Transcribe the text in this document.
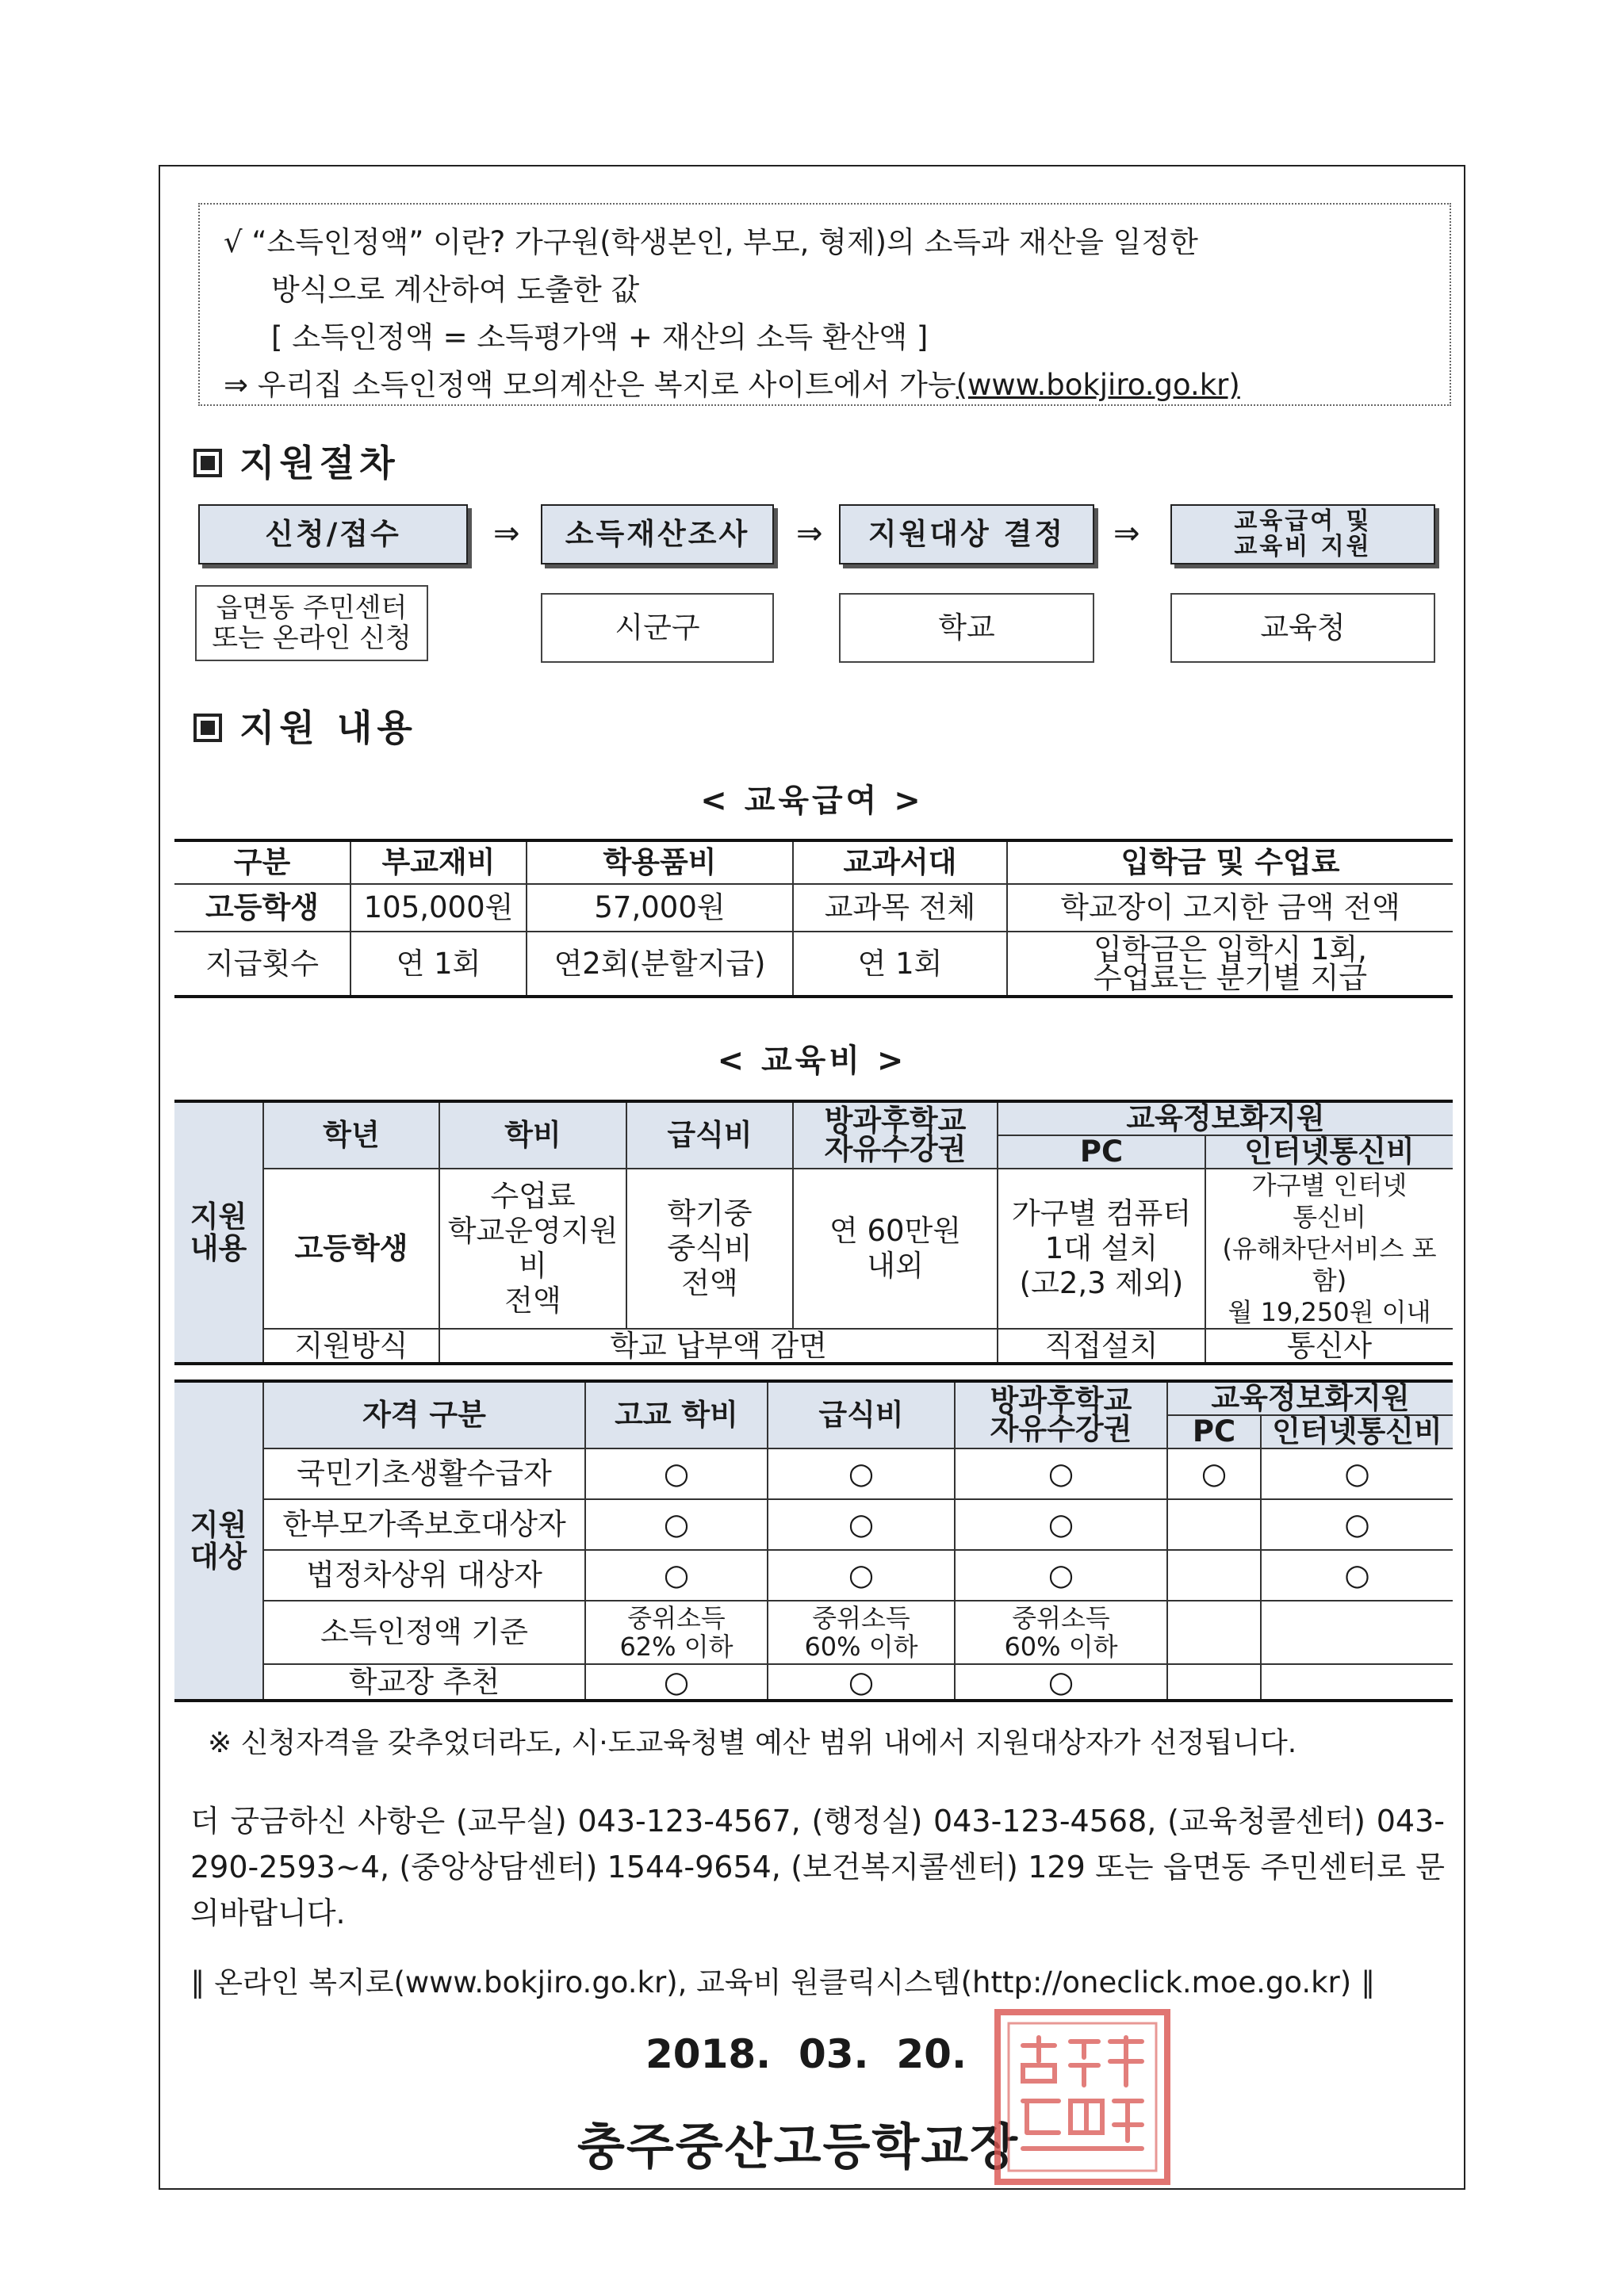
√ “소득인정액” 이란? 가구원(학생본인, 부모, 형제)의 소득과 재산을 일정한
방식으로 계산하여 도출한 값
[ 소득인정액 = 소득평가액 + 재산의 소득 환산액 ]
⇒ 우리집 소득인정액 모의계산은 복지로 사이트에서 가능(www.bokjiro.go.kr)
지원절차
신청/접수	⇒	소득재산조사	⇒	지원대상 결정	⇒	교육급여 및
교육비 지원
읍면동 주민센터
또는 온라인 신청	시군구	학교	교육청
지원 내용
< 교육급여 >
구분	부교재비	학용품비	교과서대	입학금 및 수업료
고등학생	105,000원	57,000원	교과목 전체	학교장이 고지한 금액 전액
지급횟수	연 1회	연2회(분할지급)	연 1회	입학금은 입학시 1회,
수업료는 분기별 지급
< 교육비 >
지원
내용	학년	학비	급식비	방과후학교
자유수강권	교육정보화지원	
					PC	인터넷통신비
	고등학생	수업료
학교운영지원비
전액	학기중
중식비
전액	연 60만원
내외	가구별 컴퓨터
1대 설치
(고2,3 제외)	가구별 인터넷
통신비
(유해차단서비스 포함)
월 19,250원 이내
	지원방식	학교 납부액 감면			직접설치	통신사
지원
대상	자격 구분	고교 학비	급식비	방과후학교
자유수강권	교육정보화지원	
					PC	인터넷통신비
	국민기초생활수급자	○	○	○	○	○
	한부모가족보호대상자	○	○	○		○
	법정차상위 대상자	○	○	○		○
	소득인정액 기준	중위소득
62% 이하	중위소득
60% 이하	중위소득
60% 이하		
	학교장 추천	○	○	○		
※ 신청자격을 갖추었더라도, 시·도교육청별 예산 범위 내에서 지원대상자가 선정됩니다.
더 궁금하신 사항은 (교무실) 043-123-4567, (행정실) 043-123-4568, (교육청콜센터) 043-290-2593∼4, (중앙상담센터) 1544-9654, (보건복지콜센터) 129 또는 읍면동 주민센터로 문의바랍니다.
∥ 온라인 복지로(www.bokjiro.go.kr), 교육비 원클릭시스템(http://oneclick.moe.go.kr) ∥
2018.  03.  20.
충주중산고등학교장
